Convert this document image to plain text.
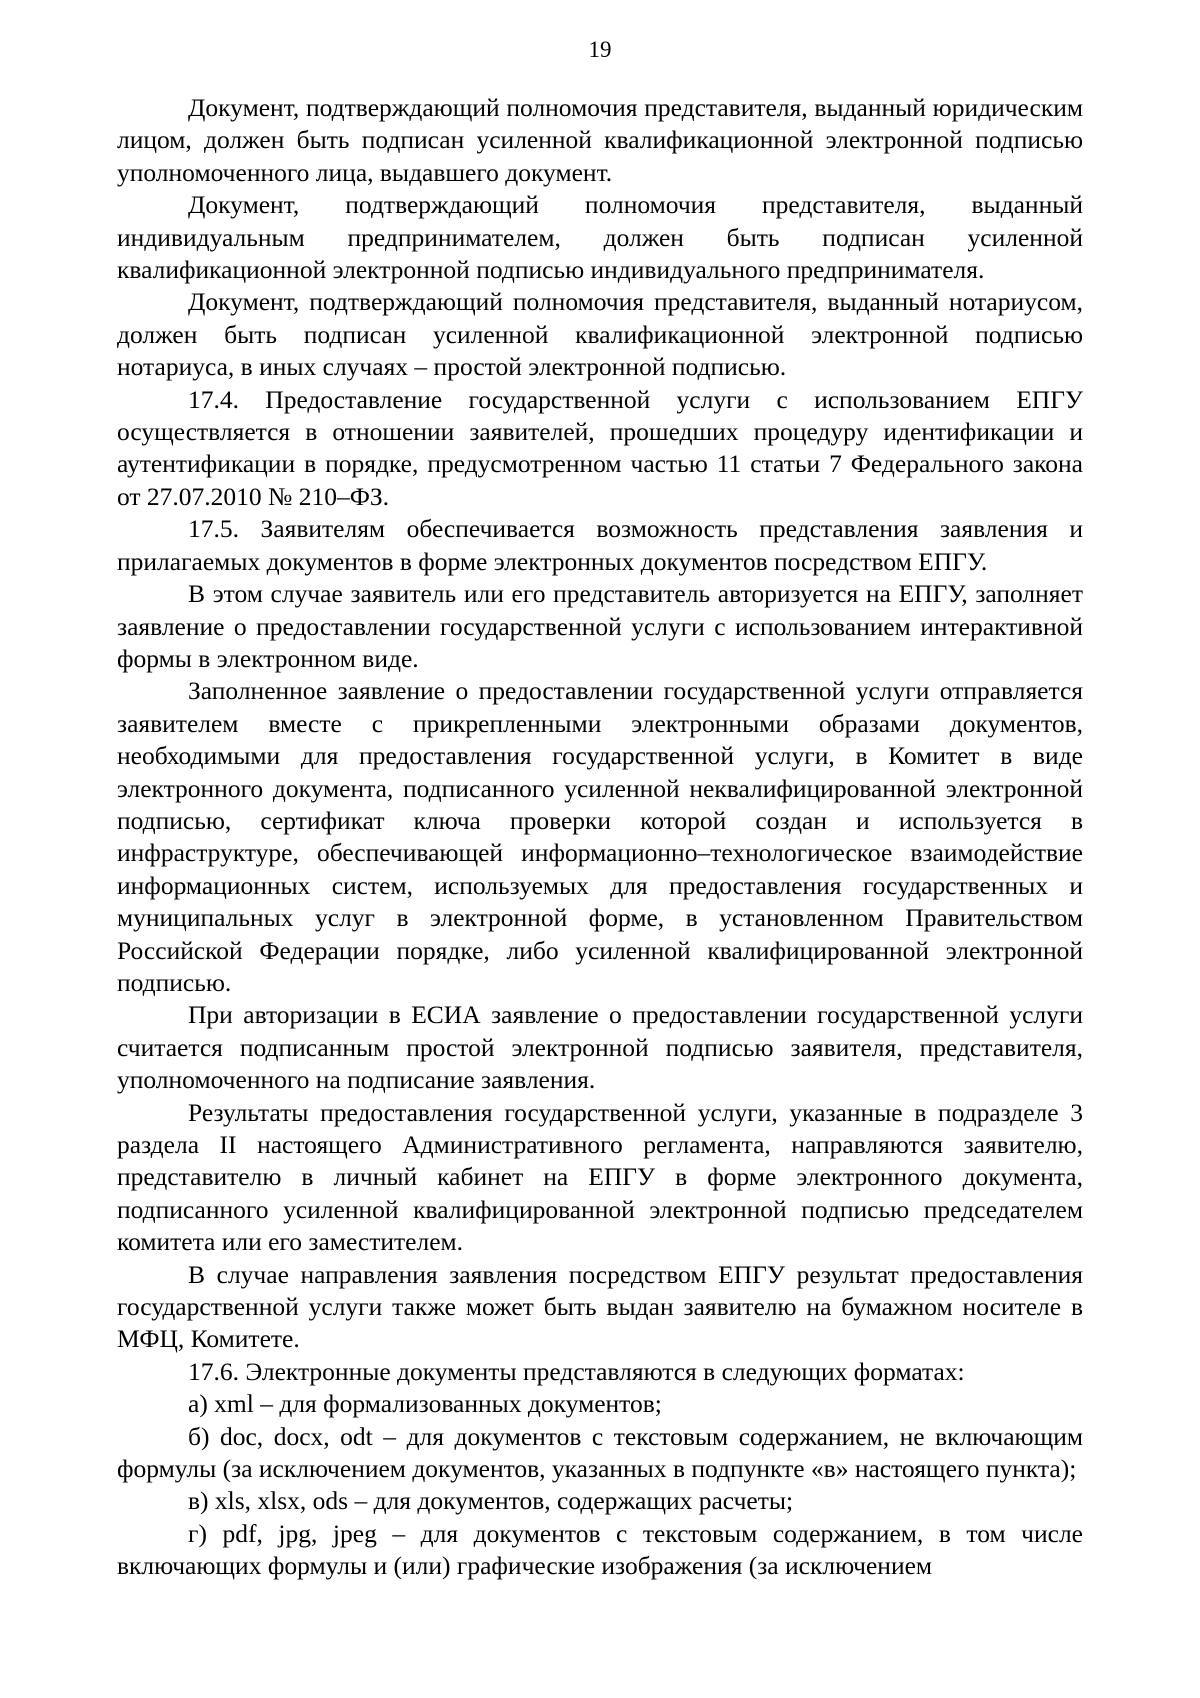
19

Документ, подтверждающий полномочия представителя, выданный юридическим лицом, должен быть подписан усиленной квалификационной электронной подписью уполномоченного лица, выдавшего документ.

Документ, подтверждающий полномочия представителя, выданный индивидуальным предпринимателем, должен быть подписан усиленной квалификационной электронной подписью индивидуального предпринимателя.

Документ, подтверждающий полномочия представителя, выданный нотариусом, должен быть подписан усиленной квалификационной электронной подписью нотариуса, в иных случаях – простой электронной подписью.

17.4. Предоставление государственной услуги с использованием ЕПГУ осуществляется в отношении заявителей, прошедших процедуру идентификации и аутентификации в порядке, предусмотренном частью 11 статьи 7 Федерального закона от 27.07.2010 № 210–ФЗ.

17.5. Заявителям обеспечивается возможность представления заявления и прилагаемых документов в форме электронных документов посредством ЕПГУ.

В этом случае заявитель или его представитель авторизуется на ЕПГУ, заполняет заявление о предоставлении государственной услуги с использованием интерактивной формы в электронном виде.

Заполненное заявление о предоставлении государственной услуги отправляется заявителем вместе с прикрепленными электронными образами документов, необходимыми для предоставления государственной услуги, в Комитет в виде электронного документа, подписанного усиленной неквалифицированной электронной подписью, сертификат ключа проверки которой создан и используется в инфраструктуре, обеспечивающей информационно–технологическое взаимодействие информационных систем, используемых для предоставления государственных и муниципальных услуг в электронной форме, в установленном Правительством Российской Федерации порядке, либо усиленной квалифицированной электронной подписью.

При авторизации в ЕСИА заявление о предоставлении государственной услуги считается подписанным простой электронной подписью заявителя, представителя, уполномоченного на подписание заявления.

Результаты предоставления государственной услуги, указанные в подразделе 3 раздела II настоящего Административного регламента, направляются заявителю, представителю в личный кабинет на ЕПГУ в форме электронного документа, подписанного усиленной квалифицированной электронной подписью председателем комитета или его заместителем.

В случае направления заявления посредством ЕПГУ результат предоставления государственной услуги также может быть выдан заявителю на бумажном носителе в МФЦ, Комитете.

17.6. Электронные документы представляются в следующих форматах:

а) xml – для формализованных документов;

б) doc, docx, odt – для документов с текстовым содержанием, не включающим формулы (за исключением документов, указанных в подпункте «в» настоящего пункта);

в) xls, xlsx, ods – для документов, содержащих расчеты;

г) pdf, jpg, jpeg – для документов с текстовым содержанием, в том числе включающих формулы и (или) графические изображения (за исключением
